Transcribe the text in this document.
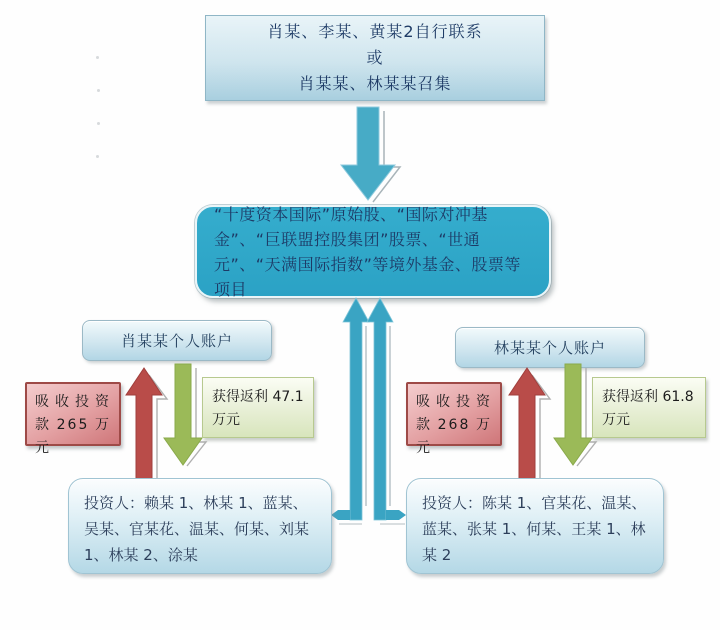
肖某、李某、黄某2自行联系
或
肖某某、林某某召集
“十度资本国际”原始股、“国际对冲基金”、“巨联盟控股集团”股票、“世通元”、“天满国际指数”等境外基金、股票等项目
肖某某个人账户
吸收投资款265万元
获得返利 47.1万元
投资人：赖某 1、林某 1、蓝某、吴某、官某花、温某、何某、刘某 1、林某 2、涂某
林某某个人账户
吸收投资款268万元
获得返利 61.8万元
投资人：陈某 1、官某花、温某、蓝某、张某 1、何某、王某 1、林某 2
